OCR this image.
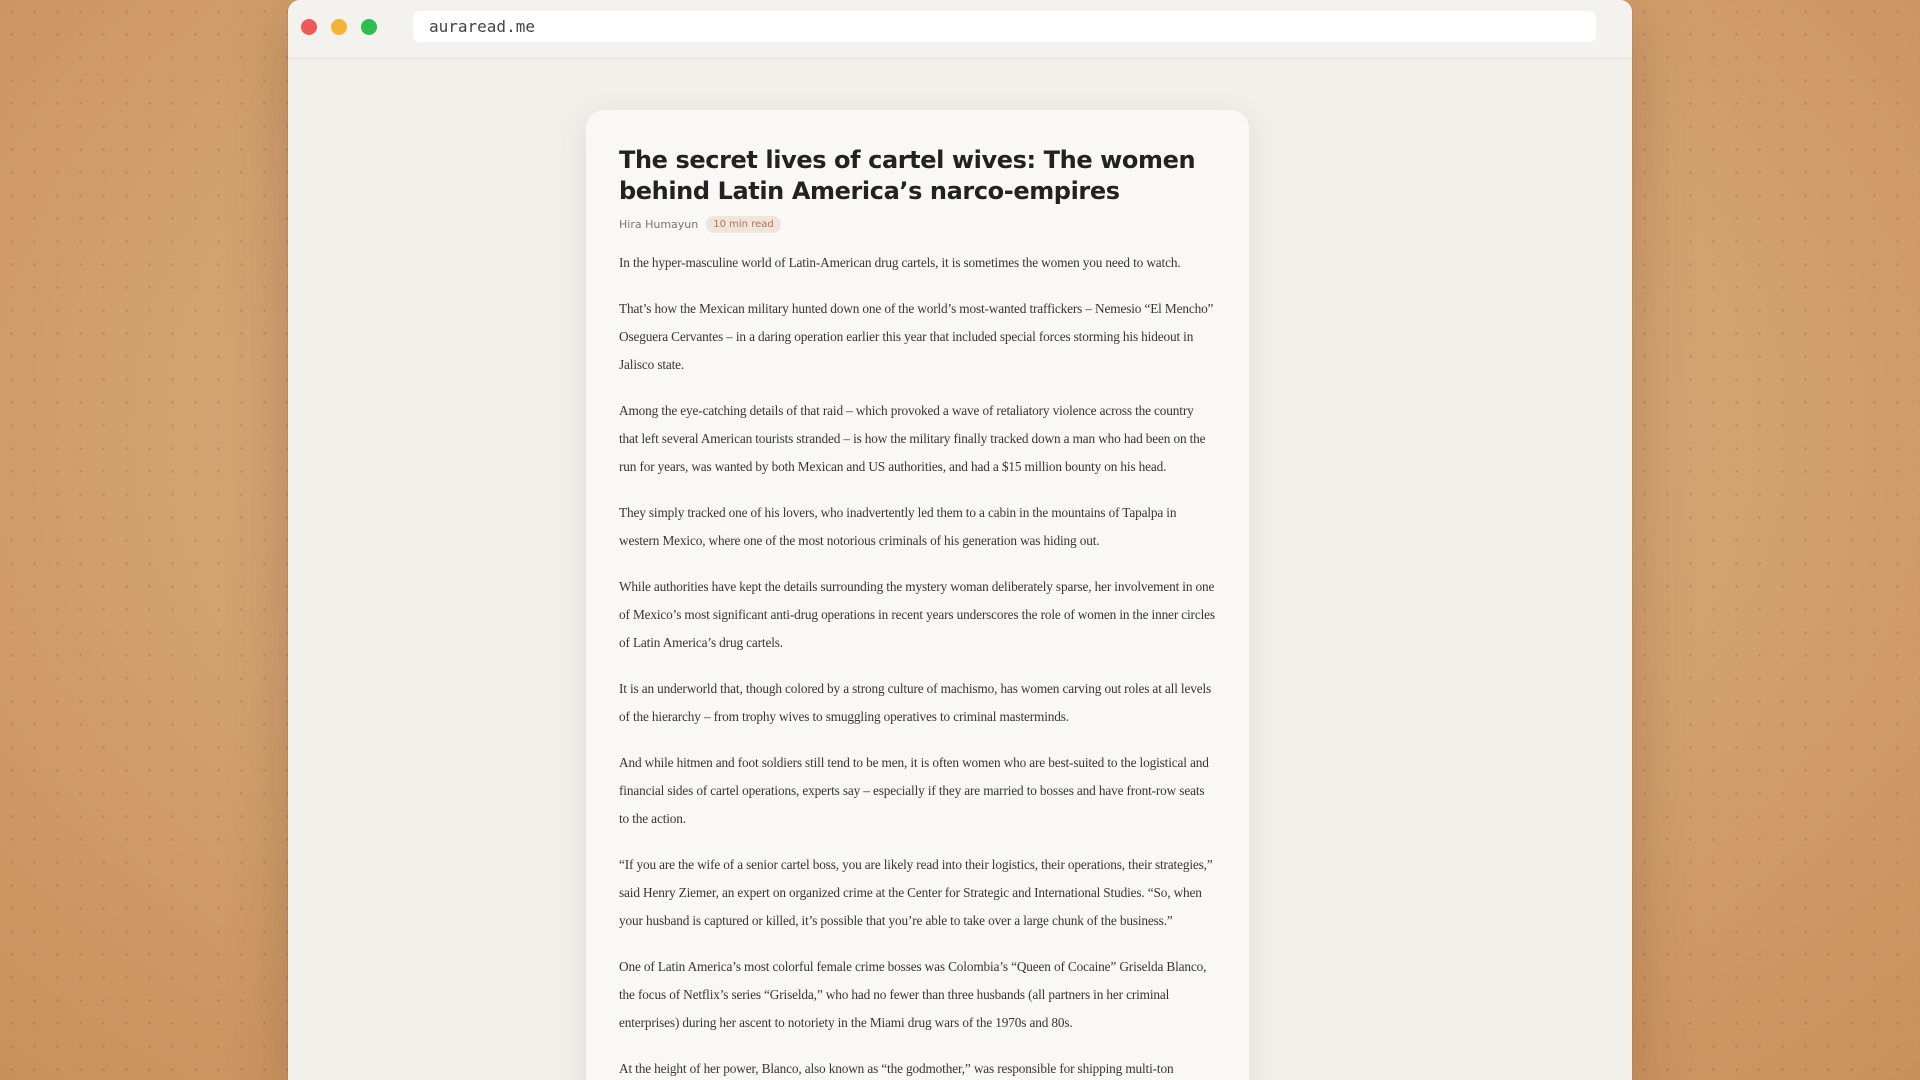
auraread.me
The secret lives of cartel wives: The women behind Latin America’s narco-empires
Hira Humayun	10 min read

In the hyper-masculine world of Latin-American drug cartels, it is sometimes the women you need to watch.

That’s how the Mexican military hunted down one of the world’s most-wanted traffickers – Nemesio “El Mencho” Oseguera Cervantes – in a daring operation earlier this year that included special forces storming his hideout in Jalisco state.

Among the eye-catching details of that raid – which provoked a wave of retaliatory violence across the country that left several American tourists stranded – is how the military finally tracked down a man who had been on the run for years, was wanted by both Mexican and US authorities, and had a $15 million bounty on his head.

They simply tracked one of his lovers, who inadvertently led them to a cabin in the mountains of Tapalpa in western Mexico, where one of the most notorious criminals of his generation was hiding out.

While authorities have kept the details surrounding the mystery woman deliberately sparse, her involvement in one of Mexico’s most significant anti-drug operations in recent years underscores the role of women in the inner circles of Latin America’s drug cartels.

It is an underworld that, though colored by a strong culture of machismo, has women carving out roles at all levels of the hierarchy – from trophy wives to smuggling operatives to criminal masterminds.

And while hitmen and foot soldiers still tend to be men, it is often women who are best-suited to the logistical and financial sides of cartel operations, experts say – especially if they are married to bosses and have front-row seats to the action.

“If you are the wife of a senior cartel boss, you are likely read into their logistics, their operations, their strategies,” said Henry Ziemer, an expert on organized crime at the Center for Strategic and International Studies. “So, when your husband is captured or killed, it’s possible that you’re able to take over a large chunk of the business.”

One of Latin America’s most colorful female crime bosses was Colombia’s “Queen of Cocaine” Griselda Blanco, the focus of Netflix’s series “Griselda,” who had no fewer than three husbands (all partners in her criminal enterprises) during her ascent to notoriety in the Miami drug wars of the 1970s and 80s.

At the height of her power, Blanco, also known as “the godmother,” was responsible for shipping multi-ton
